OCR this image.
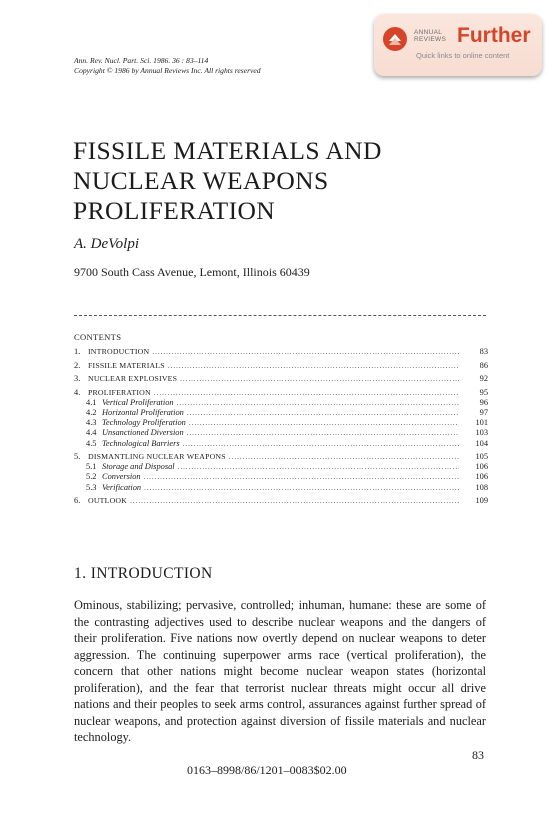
ANNUAL
REVIEWS Further
Quick links to online content
Ann. Rev. Nucl. Part. Sci. 1986. 36 : 83–114
Copyright © 1986 by Annual Reviews Inc. All rights reserved
FISSILE MATERIALS AND
NUCLEAR WEAPONS
PROLIFERATION
A. DeVolpi
9700 South Cass Avenue, Lemont, Illinois 60439
CONTENTS
1. INTRODUCTION .....	83
2. FISSILE MATERIALS .....	86
3. NUCLEAR EXPLOSIVES .....	92
4. PROLIFERATION .....	95
4.1 Vertical Proliferation .....	96
4.2 Horizontal Proliferation .....	97
4.3 Technology Proliferation .....	101
4.4 Unsanctioned Diversion .....	103
4.5 Technological Barriers .....	104
5. DISMANTLING NUCLEAR WEAPONS .....	105
5.1 Storage and Disposal .....	106
5.2 Conversion .....	106
5.3 Verification .....	108
6. OUTLOOK .....	109
1. INTRODUCTION
Ominous, stabilizing; pervasive, controlled; inhuman, humane: these are some of the contrasting adjectives used to describe nuclear weapons and the dangers of their proliferation. Five nations now overtly depend on nuclear weapons to deter aggression. The continuing superpower arms race (vertical proliferation), the concern that other nations might become nuclear weapon states (horizontal proliferation), and the fear that terrorist nuclear threats might occur all drive nations and their peoples to seek arms control, assurances against further spread of nuclear weapons, and protection against diversion of fissile materials and nuclear technology.
83
0163–8998/86/1201–0083$02.00
